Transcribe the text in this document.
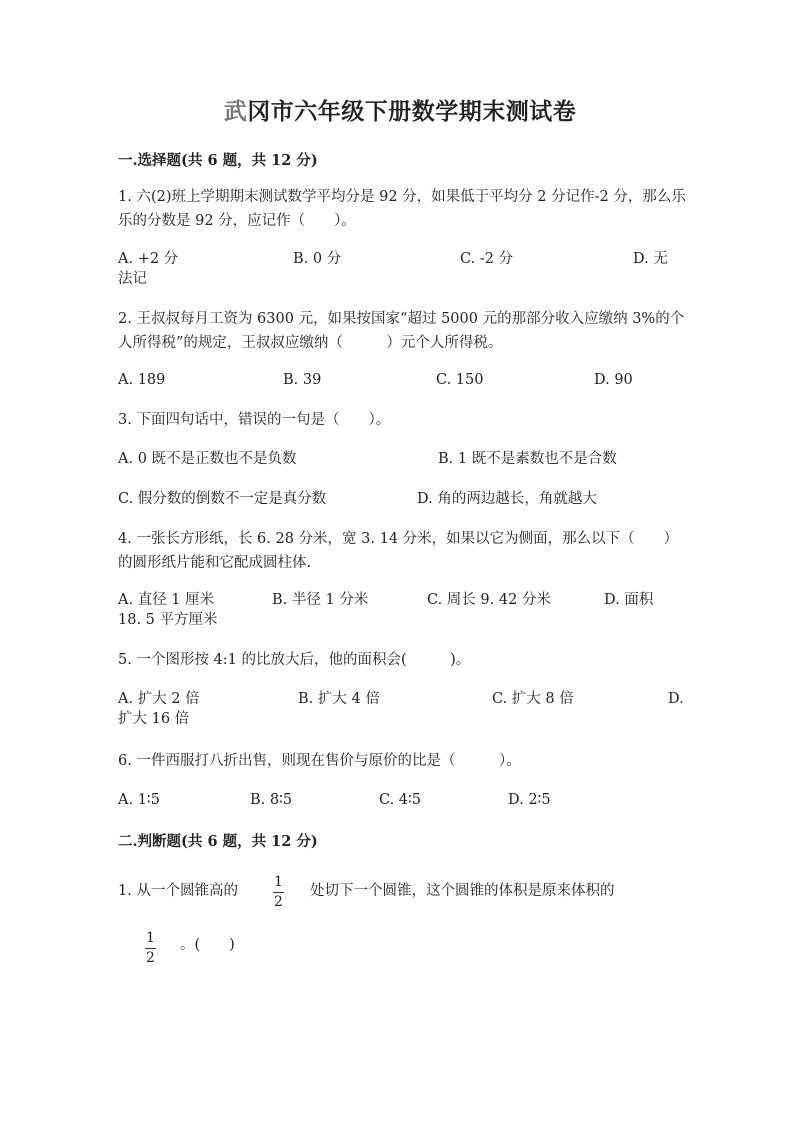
武冈市六年级下册数学期末测试卷

一.选择题(共 6 题，共 12 分)

1. 六(2)班上学期期末测试数学平均分是 92 分，如果低于平均分 2 分记作-2 分，那么乐乐的分数是 92 分，应记作（　　）。

A. +2 分	B. 0 分	C. -2 分	D. 无
法记

2. 王叔叔每月工资为 6300 元，如果按国家“超过 5000 元的那部分收入应缴纳 3%的个人所得税”的规定，王叔叔应缴纳（　　　）元个人所得税。

A. 189	B. 39	C. 150	D. 90

3. 下面四句话中，错误的一句是（　　）。

A. 0 既不是正数也不是负数	B. 1 既不是素数也不是合数
C. 假分数的倒数不一定是真分数	D. 角的两边越长，角就越大

4. 一张长方形纸，长 6. 28 分米，宽 3. 14 分米，如果以它为侧面，那么以下（　　）的圆形纸片能和它配成圆柱体.

A. 直径 1 厘米	B. 半径 1 分米	C. 周长 9. 42 分米	D. 面积
18. 5 平方厘米

5. 一个图形按 4:1 的比放大后，他的面积会(　　　)。

A. 扩大 2 倍	B. 扩大 4 倍	C. 扩大 8 倍	D.
扩大 16 倍

6. 一件西服打八折出售，则现在售价与原价的比是（　　　）。

A. 1∶5	B. 8∶5	C. 4∶5	D. 2∶5

二.判断题(共 6 题，共 12 分)

1. 从一个圆锥高的
1
2
处切下一个圆锥，这个圆锥的体积是原来体积的
1
2
。(　　)
